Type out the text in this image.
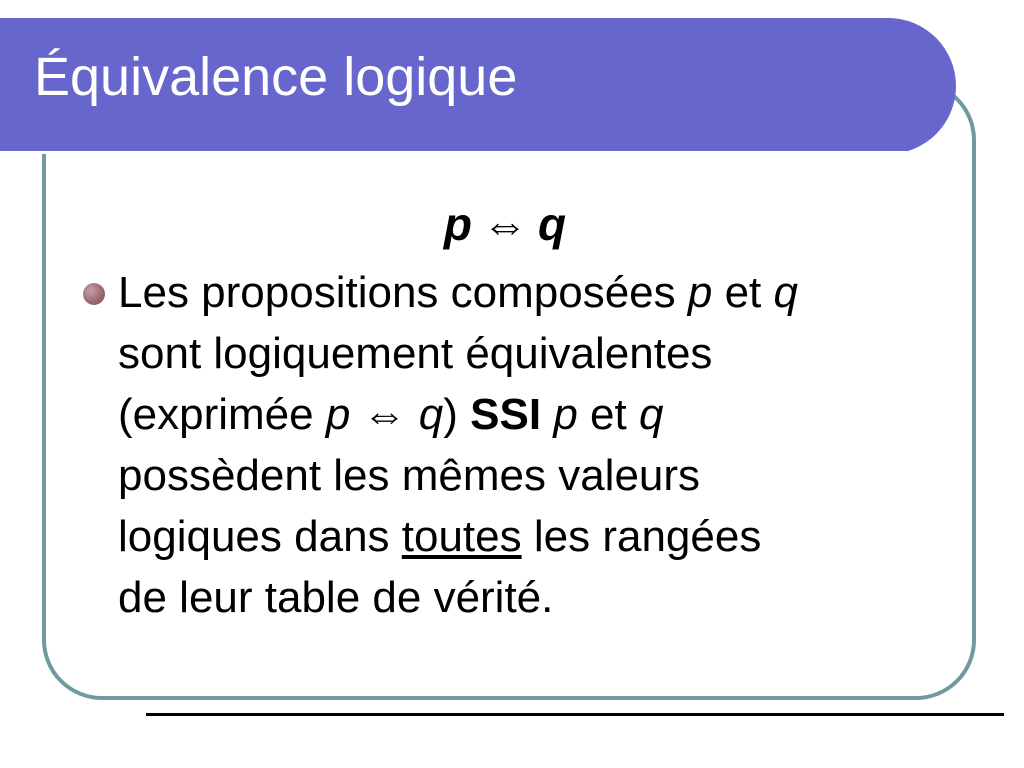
Équivalence logique
p ⇔ q

Les propositions composées p et q
sont logiquement équivalentes
(exprimée p ⇔ q) SSI p et q
possèdent les mêmes valeurs
logiques dans toutes les rangées
de leur table de vérité.
